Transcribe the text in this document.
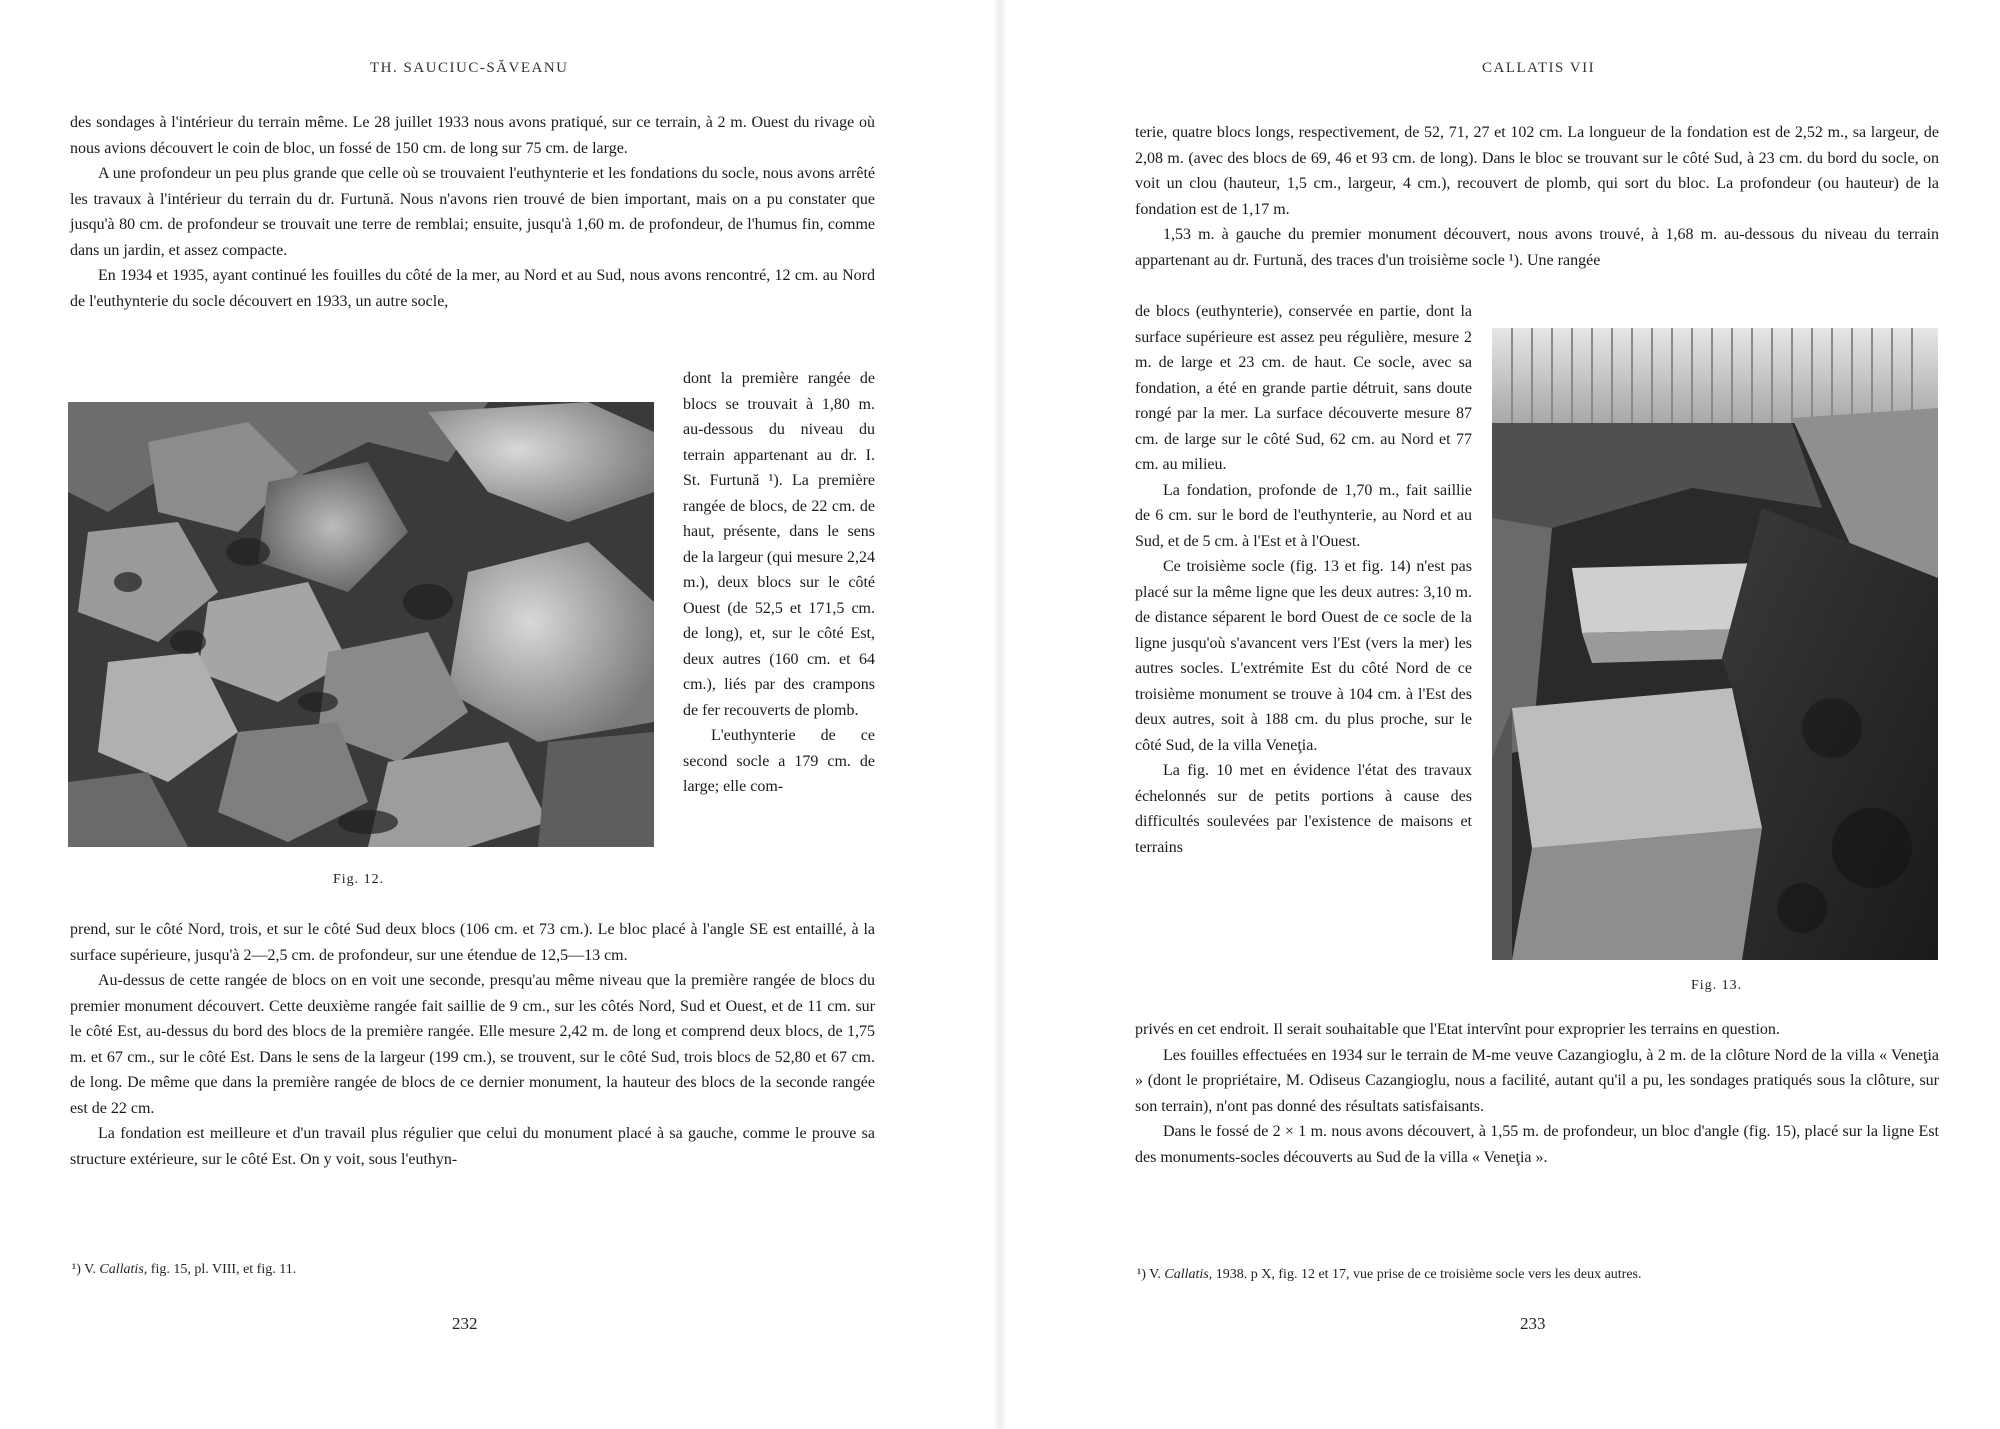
TH. SAUCIUC-SĂVEANU

des sondages à l'intérieur du terrain même. Le 28 juillet 1933 nous avons pratiqué, sur ce terrain, à 2 m. Ouest du rivage où nous avions découvert le coin de bloc, un fossé de 150 cm. de long sur 75 cm. de large.

A une profondeur un peu plus grande que celle où se trouvaient l'euthynterie et les fondations du socle, nous avons arrêté les travaux à l'intérieur du terrain du dr. Furtună. Nous n'avons rien trouvé de bien important, mais on a pu constater que jusqu'à 80 cm. de profondeur se trouvait une terre de remblai; ensuite, jusqu'à 1,60 m. de profondeur, de l'humus fin, comme dans un jardin, et assez compacte.

En 1934 et 1935, ayant continué les fouilles du côté de la mer, au Nord et au Sud, nous avons rencontré, 12 cm. au Nord de l'euthynterie du socle découvert en 1933, un autre socle,

Fig. 12.

dont la première rangée de blocs se trouvait à 1,80 m. au-dessous du niveau du terrain appartenant au dr. I. St. Furtună ¹). La première rangée de blocs, de 22 cm. de haut, présente, dans le sens de la largeur (qui mesure 2,24 m.), deux blocs sur le côté Ouest (de 52,5 et 171,5 cm. de long), et, sur le côté Est, deux autres (160 cm. et 64 cm.), liés par des crampons de fer recouverts de plomb.

L'euthynterie de ce second socle a 179 cm. de large; elle com-

prend, sur le côté Nord, trois, et sur le côté Sud deux blocs (106 cm. et 73 cm.). Le bloc placé à l'angle SE est entaillé, à la surface supérieure, jusqu'à 2—2,5 cm. de profondeur, sur une étendue de 12,5—13 cm.

Au-dessus de cette rangée de blocs on en voit une seconde, presqu'au même niveau que la première rangée de blocs du premier monument découvert. Cette deuxième rangée fait saillie de 9 cm., sur les côtés Nord, Sud et Ouest, et de 11 cm. sur le côté Est, au-dessus du bord des blocs de la première rangée. Elle mesure 2,42 m. de long et comprend deux blocs, de 1,75 m. et 67 cm., sur le côté Est. Dans le sens de la largeur (199 cm.), se trouvent, sur le côté Sud, trois blocs de 52,80 et 67 cm. de long. De même que dans la première rangée de blocs de ce dernier monument, la hauteur des blocs de la seconde rangée est de 22 cm.

La fondation est meilleure et d'un travail plus régulier que celui du monument placé à sa gauche, comme le prouve sa structure extérieure, sur le côté Est. On y voit, sous l'euthyn-

¹) V. Callatis, fig. 15, pl. VIII, et fig. 11.
232
CALLATIS VII

terie, quatre blocs longs, respectivement, de 52, 71, 27 et 102 cm. La longueur de la fondation est de 2,52 m., sa largeur, de 2,08 m. (avec des blocs de 69, 46 et 93 cm. de long). Dans le bloc se trouvant sur le côté Sud, à 23 cm. du bord du socle, on voit un clou (hauteur, 1,5 cm., largeur, 4 cm.), recouvert de plomb, qui sort du bloc. La profondeur (ou hauteur) de la fondation est de 1,17 m.

1,53 m. à gauche du premier monument découvert, nous avons trouvé, à 1,68 m. au-dessous du niveau du terrain appartenant au dr. Furtună, des traces d'un troisième socle ¹). Une rangée

de blocs (euthynterie), conservée en partie, dont la surface supérieure est assez peu régulière, mesure 2 m. de large et 23 cm. de haut. Ce socle, avec sa fondation, a été en grande partie détruit, sans doute rongé par la mer. La surface découverte mesure 87 cm. de large sur le côté Sud, 62 cm. au Nord et 77 cm. au milieu.

La fondation, profonde de 1,70 m., fait saillie de 6 cm. sur le bord de l'euthynterie, au Nord et au Sud, et de 5 cm. à l'Est et à l'Ouest.

Ce troisième socle (fig. 13 et fig. 14) n'est pas placé sur la même ligne que les deux autres: 3,10 m. de distance séparent le bord Ouest de ce socle de la ligne jusqu'où s'avancent vers l'Est (vers la mer) les autres socles. L'extrémite Est du côté Nord de ce troisième monument se trouve à 104 cm. à l'Est des deux autres, soit à 188 cm. du plus proche, sur le côté Sud, de la villa Veneţia.

La fig. 10 met en évidence l'état des travaux échelonnés sur de petits portions à cause des difficultés soulevées par l'existence de maisons et terrains

Fig. 13.

privés en cet endroit. Il serait souhaitable que l'Etat intervînt pour exproprier les terrains en question.

Les fouilles effectuées en 1934 sur le terrain de M-me veuve Cazangioglu, à 2 m. de la clôture Nord de la villa « Veneţia » (dont le propriétaire, M. Odiseus Cazangioglu, nous a facilité, autant qu'il a pu, les sondages pratiqués sous la clôture, sur son terrain), n'ont pas donné des résultats satisfaisants.

Dans le fossé de 2 × 1 m. nous avons découvert, à 1,55 m. de profondeur, un bloc d'angle (fig. 15), placé sur la ligne Est des monuments-socles découverts au Sud de la villa « Veneţia ».

¹) V. Callatis, 1938. p X, fig. 12 et 17, vue prise de ce troisième socle vers les deux autres.
233
